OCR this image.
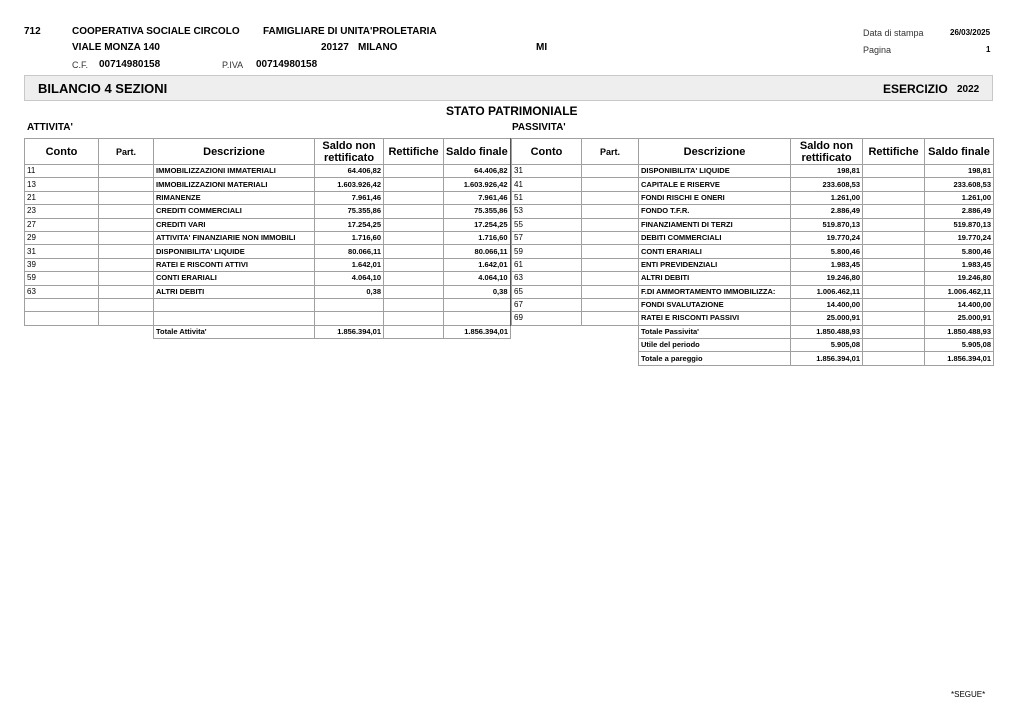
712	COOPERATIVA SOCIALE CIRCOLO FAMIGLIARE DI UNITA'PROLETARIA
VIALE MONZA 140	20127 MILANO	MI
C.F. 00714980158	P.IVA 00714980158
Data di stampa	26/03/2025
Pagina	1
BILANCIO 4 SEZIONI	ESERCIZIO 2022
STATO PATRIMONIALE
ATTIVITA'	PASSIVITA'
Conto	Part.	Descrizione	Saldo non
rettificato	Rettifiche	Saldo finale
11		IMMOBILIZZAZIONI IMMATERIALI	64.406,82		64.406,82
13		IMMOBILIZZAZIONI MATERIALI	1.603.926,42		1.603.926,42
21		RIMANENZE	7.961,46		7.961,46
23		CREDITI COMMERCIALI	75.355,86		75.355,86
27		CREDITI VARI	17.254,25		17.254,25
29		ATTIVITA' FINANZIARIE NON IMMOBILI	1.716,60		1.716,60
31		DISPONIBILITA' LIQUIDE	80.066,11		80.066,11
39		RATEI E RISCONTI ATTIVI	1.642,01		1.642,01
59		CONTI ERARIALI	4.064,10		4.064,10
63		ALTRI DEBITI	0,38		0,38

		Totale Attivita'	1.856.394,01		1.856.394,01
Conto	Part.	Descrizione	Saldo non
rettificato	Rettifiche	Saldo finale
31		DISPONIBILITA' LIQUIDE	198,81		198,81
41		CAPITALE E RISERVE	233.608,53		233.608,53
51		FONDI RISCHI E ONERI	1.261,00		1.261,00
53		FONDO T.F.R.	2.886,49		2.886,49
55		FINANZIAMENTI DI TERZI	519.870,13		519.870,13
57		DEBITI COMMERCIALI	19.770,24		19.770,24
59		CONTI ERARIALI	5.800,46		5.800,46
61		ENTI PREVIDENZIALI	1.983,45		1.983,45
63		ALTRI DEBITI	19.246,80		19.246,80
65		F.DI AMMORTAMENTO IMMOBILIZZA:	1.006.462,11		1.006.462,11
67		FONDI SVALUTAZIONE	14.400,00		14.400,00
69		RATEI E RISCONTI PASSIVI	25.000,91		25.000,91
		Totale Passivita'	1.850.488,93		1.850.488,93
		Utile del periodo	5.905,08		5.905,08
		Totale a pareggio	1.856.394,01		1.856.394,01
*SEGUE*
